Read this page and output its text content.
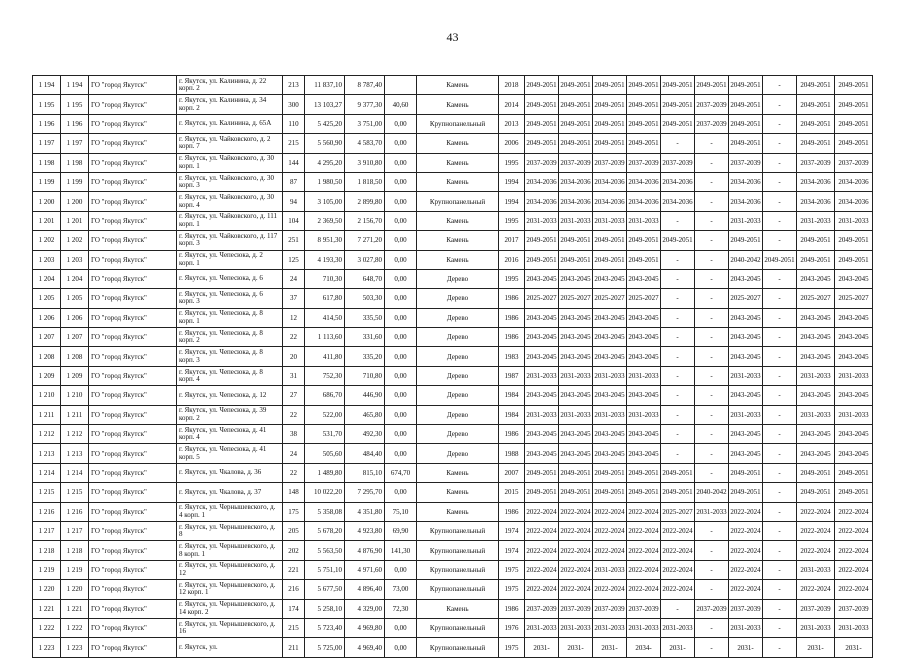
43
1 194	1 194	ГО "город Якутск"	г. Якутск, ул. Калинина, д. 22 корп. 2	213	11 837,10	8 787,40		Камень	2018	2049-2051	2049-2051	2049-2051	2049-2051	2049-2051	2049-2051	2049-2051	-	2049-2051	2049-2051
1 195	1 195	ГО "город Якутск"	г. Якутск, ул. Калинина, д. 34 корп. 2	300	13 103,27	9 377,30	40,60	Камень	2014	2049-2051	2049-2051	2049-2051	2049-2051	2049-2051	2037-2039	2049-2051	-	2049-2051	2049-2051
1 196	1 196	ГО "город Якутск"	г. Якутск, ул. Калинина, д. 65А	110	5 425,20	3 751,00	0,00	Крупнопанельный	2013	2049-2051	2049-2051	2049-2051	2049-2051	2049-2051	2037-2039	2049-2051	-	2049-2051	2049-2051
1 197	1 197	ГО "город Якутск"	г. Якутск, ул. Чайковского, д. 2 корп. 7	215	5 560,90	4 583,70	0,00	Камень	2006	2049-2051	2049-2051	2049-2051	2049-2051	-	-	2049-2051	-	2049-2051	2049-2051
1 198	1 198	ГО "город Якутск"	г. Якутск, ул. Чайковского, д. 30 корп. 1	144	4 295,20	3 910,80	0,00	Камень	1995	2037-2039	2037-2039	2037-2039	2037-2039	2037-2039	-	2037-2039	-	2037-2039	2037-2039
1 199	1 199	ГО "город Якутск"	г. Якутск, ул. Чайковского, д. 30 корп. 3	87	1 980,50	1 818,50	0,00	Камень	1994	2034-2036	2034-2036	2034-2036	2034-2036	2034-2036	-	2034-2036	-	2034-2036	2034-2036
1 200	1 200	ГО "город Якутск"	г. Якутск, ул. Чайковского, д. 30 корп. 4	94	3 105,00	2 899,80	0,00	Крупнопанельный	1994	2034-2036	2034-2036	2034-2036	2034-2036	2034-2036	-	2034-2036	-	2034-2036	2034-2036
1 201	1 201	ГО "город Якутск"	г. Якутск, ул. Чайковского, д. 111 корп. 1	104	2 369,50	2 156,70	0,00	Камень	1995	2031-2033	2031-2033	2031-2033	2031-2033	-	-	2031-2033	-	2031-2033	2031-2033
1 202	1 202	ГО "город Якутск"	г. Якутск, ул. Чайковского, д. 117 корп. 3	251	8 951,30	7 271,20	0,00	Камень	2017	2049-2051	2049-2051	2049-2051	2049-2051	2049-2051	-	2049-2051	-	2049-2051	2049-2051
1 203	1 203	ГО "город Якутск"	г. Якутск, ул. Чепесюка, д. 2 корп. 1	125	4 193,30	3 027,80	0,00	Камень	2016	2049-2051	2049-2051	2049-2051	2049-2051	-	-	2040-2042	2049-2051	2049-2051	2049-2051
1 204	1 204	ГО "город Якутск"	г. Якутск, ул. Чепесюка, д. 6	24	710,30	648,70	0,00	Дерево	1995	2043-2045	2043-2045	2043-2045	2043-2045	-	-	2043-2045	-	2043-2045	2043-2045
1 205	1 205	ГО "город Якутск"	г. Якутск, ул. Чепесюка, д. 6 корп. 3	37	617,80	503,30	0,00	Дерево	1986	2025-2027	2025-2027	2025-2027	2025-2027	-	-	2025-2027	-	2025-2027	2025-2027
1 206	1 206	ГО "город Якутск"	г. Якутск, ул. Чепесюка, д. 8 корп. 1	12	414,50	335,50	0,00	Дерево	1986	2043-2045	2043-2045	2043-2045	2043-2045	-	-	2043-2045	-	2043-2045	2043-2045
1 207	1 207	ГО "город Якутск"	г. Якутск, ул. Чепесюка, д. 8 корп. 2	22	1 113,60	331,60	0,00	Дерево	1986	2043-2045	2043-2045	2043-2045	2043-2045	-	-	2043-2045	-	2043-2045	2043-2045
1 208	1 208	ГО "город Якутск"	г. Якутск, ул. Чепесюка, д. 8 корп. 3	20	411,80	335,20	0,00	Дерево	1983	2043-2045	2043-2045	2043-2045	2043-2045	-	-	2043-2045	-	2043-2045	2043-2045
1 209	1 209	ГО "город Якутск"	г. Якутск, ул. Чепесюка, д. 8 корп. 4	31	752,30	710,80	0,00	Дерево	1987	2031-2033	2031-2033	2031-2033	2031-2033	-	-	2031-2033	-	2031-2033	2031-2033
1 210	1 210	ГО "город Якутск"	г. Якутск, ул. Чепесюка, д. 12	27	686,70	446,90	0,00	Дерево	1984	2043-2045	2043-2045	2043-2045	2043-2045	-	-	2043-2045	-	2043-2045	2043-2045
1 211	1 211	ГО "город Якутск"	г. Якутск, ул. Чепесюка, д. 39 корп. 2	22	522,00	465,80	0,00	Дерево	1984	2031-2033	2031-2033	2031-2033	2031-2033	-	-	2031-2033	-	2031-2033	2031-2033
1 212	1 212	ГО "город Якутск"	г. Якутск, ул. Чепесюка, д. 41 корп. 4	38	531,70	492,30	0,00	Дерево	1986	2043-2045	2043-2045	2043-2045	2043-2045	-	-	2043-2045	-	2043-2045	2043-2045
1 213	1 213	ГО "город Якутск"	г. Якутск, ул. Чепесюка, д. 41 корп. 5	24	505,60	484,40	0,00	Дерево	1988	2043-2045	2043-2045	2043-2045	2043-2045	-	-	2043-2045	-	2043-2045	2043-2045
1 214	1 214	ГО "город Якутск"	г. Якутск, ул. Чкалова, д. 36	22	1 489,80	815,10	674,70	Камень	2007	2049-2051	2049-2051	2049-2051	2049-2051	2049-2051	-	2049-2051	-	2049-2051	2049-2051
1 215	1 215	ГО "город Якутск"	г. Якутск, ул. Чкалова, д. 37	148	10 022,20	7 295,70	0,00	Камень	2015	2049-2051	2049-2051	2049-2051	2049-2051	2049-2051	2040-2042	2049-2051	-	2049-2051	2049-2051
1 216	1 216	ГО "город Якутск"	г. Якутск, ул. Чернышевского, д. 4 корп. 1	175	5 358,08	4 351,80	75,10	Камень	1986	2022-2024	2022-2024	2022-2024	2022-2024	2025-2027	2031-2033	2022-2024	-	2022-2024	2022-2024
1 217	1 217	ГО "город Якутск"	г. Якутск, ул. Чернышевского, д. 8	205	5 678,20	4 923,80	69,90	Крупнопанельный	1974	2022-2024	2022-2024	2022-2024	2022-2024	2022-2024	-	2022-2024	-	2022-2024	2022-2024
1 218	1 218	ГО "город Якутск"	г. Якутск, ул. Чернышевского, д. 8 корп. 1	202	5 563,50	4 876,90	141,30	Крупнопанельный	1974	2022-2024	2022-2024	2022-2024	2022-2024	2022-2024	-	2022-2024	-	2022-2024	2022-2024
1 219	1 219	ГО "город Якутск"	г. Якутск, ул. Чернышевского, д. 12	221	5 751,10	4 971,60	0,00	Крупнопанельный	1975	2022-2024	2022-2024	2031-2033	2022-2024	2022-2024	-	2022-2024	-	2031-2033	2022-2024
1 220	1 220	ГО "город Якутск"	г. Якутск, ул. Чернышевского, д. 12 корп. 1	216	5 677,50	4 896,40	73,00	Крупнопанельный	1975	2022-2024	2022-2024	2022-2024	2022-2024	2022-2024	-	2022-2024	-	2022-2024	2022-2024
1 221	1 221	ГО "город Якутск"	г. Якутск, ул. Чернышевского, д. 14 корп. 2	174	5 258,10	4 329,00	72,30	Камень	1986	2037-2039	2037-2039	2037-2039	2037-2039	-	2037-2039	2037-2039	-	2037-2039	2037-2039
1 222	1 222	ГО "город Якутск"	г. Якутск, ул. Чернышевского, д. 16	215	5 723,40	4 969,80	0,00	Крупнопанельный	1976	2031-2033	2031-2033	2031-2033	2031-2033	2031-2033	-	2031-2033	-	2031-2033	2031-2033
1 223	1 223	ГО "город Якутск"	г. Якутск, ул.	211	5 725,00	4 969,40	0,00	Крупнопанельный	1975	2031-	2031-	2031-	2034-	2031-	-	2031-	-	2031-	2031-
